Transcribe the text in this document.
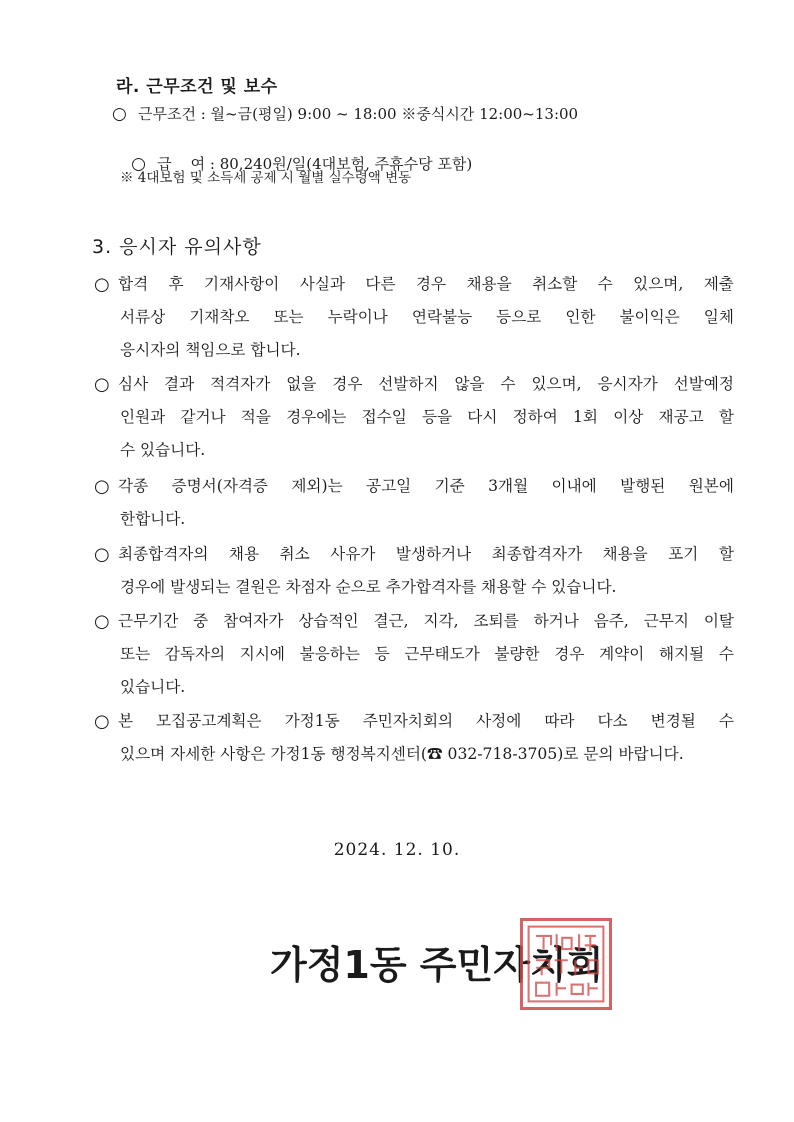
라. 근무조건 및 보수
○ 근무조건 : 월~금(평일) 9:00 ~ 18:00 ※중식시간 12:00~13:00

○ 급    여 : 80,240원/일(4대보험, 주휴수당 포함)

※ 4대보험 및 소득세 공제 시 월별 실수령액 변동
3. 응시자 유의사항
○ 합격 후 기재사항이 사실과 다른 경우 채용을 취소할 수 있으며, 제출
서류상 기재착오 또는 누락이나 연락불능 등으로 인한 불이익은 일체
응시자의 책임으로 합니다.
○ 심사 결과 적격자가 없을 경우 선발하지 않을 수 있으며, 응시자가 선발예정
인원과 같거나 적을 경우에는 접수일 등을 다시 정하여 1회 이상 재공고 할
수 있습니다.
○ 각종 증명서(자격증 제외)는 공고일 기준 3개월 이내에 발행된 원본에
한합니다.
○ 최종합격자의 채용 취소 사유가 발생하거나 최종합격자가 채용을 포기 할
경우에 발생되는 결원은 차점자 순으로 추가합격자를 채용할 수 있습니다.
○ 근무기간 중 참여자가 상습적인 결근, 지각, 조퇴를 하거나 음주, 근무지 이탈
또는 감독자의 지시에 불응하는 등 근무태도가 불량한 경우 계약이 해지될 수
있습니다.
○ 본 모집공고계획은 가정1동 주민자치회의 사정에 따라 다소 변경될 수
있으며 자세한 사항은 가정1동 행정복지센터(☎ 032-718-3705)로 문의 바랍니다.
2024. 12. 10.
가정1동 주민자치회
